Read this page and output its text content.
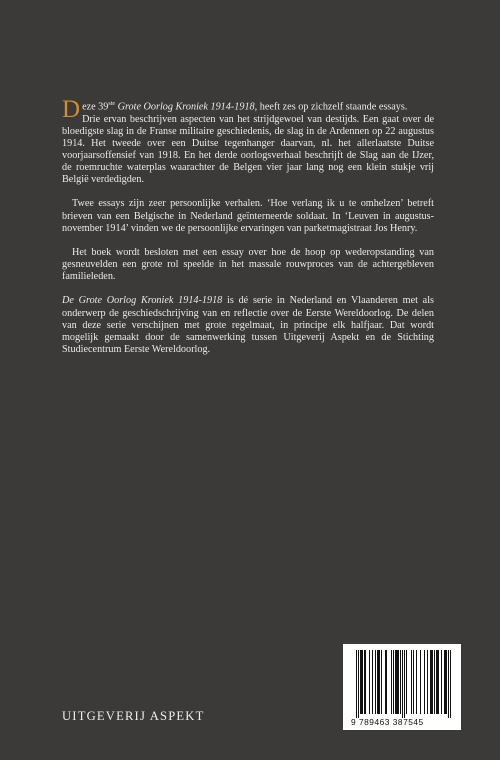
Deze 39ste Grote Oorlog Kroniek 1914-1918, heeft zes op zichzelf staande essays.

Drie ervan beschrijven aspecten van het strijdgewoel van destijds. Een gaat over de bloedigste slag in de Franse militaire geschiedenis, de slag in de Ardennen op 22 augustus 1914. Het tweede over een Duitse tegenhanger daarvan, nl. het allerlaatste Duitse voorjaarsoffensief van 1918. En het derde oorlogsverhaal beschrijft de Slag aan de IJzer, de roemruchte waterplas waarachter de Belgen vier jaar lang nog een klein stukje vrij België verdedigden.

Twee essays zijn zeer persoonlijke verhalen. ‘Hoe verlang ik u te omhelzen’ betreft brieven van een Belgische in Nederland geïnterneerde soldaat. In ‘Leuven in augustus-november 1914’ vinden we de persoonlijke ervaringen van parketmagistraat Jos Henry.

Het boek wordt besloten met een essay over hoe de hoop op wederopstanding van gesneuvelden een grote rol speelde in het massale rouwproces van de achtergebleven familieleden.

De Grote Oorlog Kroniek 1914-1918 is dé serie in Nederland en Vlaanderen met als onderwerp de geschiedschrijving van en reflectie over de Eerste Wereldoorlog. De delen van deze serie verschijnen met grote regelmaat, in principe elk halfjaar. Dat wordt mogelijk gemaakt door de samenwerking tussen Uitgeverij Aspekt en de Stichting Studiecentrum Eerste Wereldoorlog.

UITGEVERIJ ASPEKT	9 789463 387545
